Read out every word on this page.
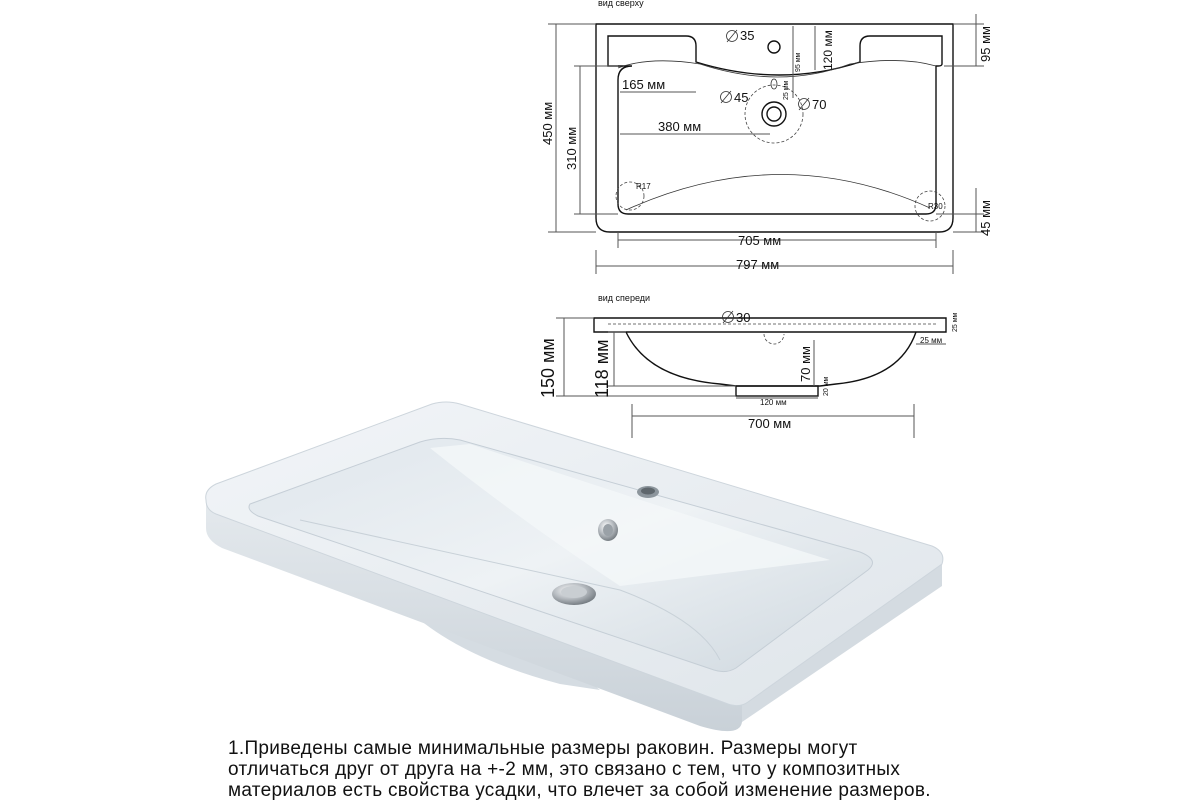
вид сверху
35
45	70
120 мм
95 мм
25 мм
165 мм
380 мм
R17
R30
450 мм
310 мм
95 мм
45 мм
705 мм
797 мм
вид спереди
30
150 мм 118 мм	70 мм
20 мм
25 мм
25 мм
120 мм
700 мм

1.Приведены самые минимальные размеры раковин. Размеры могут
отличаться друг от друга на +-2 мм, это связано с тем, что у композитных
материалов есть свойства усадки, что влечет за собой изменение размеров.
